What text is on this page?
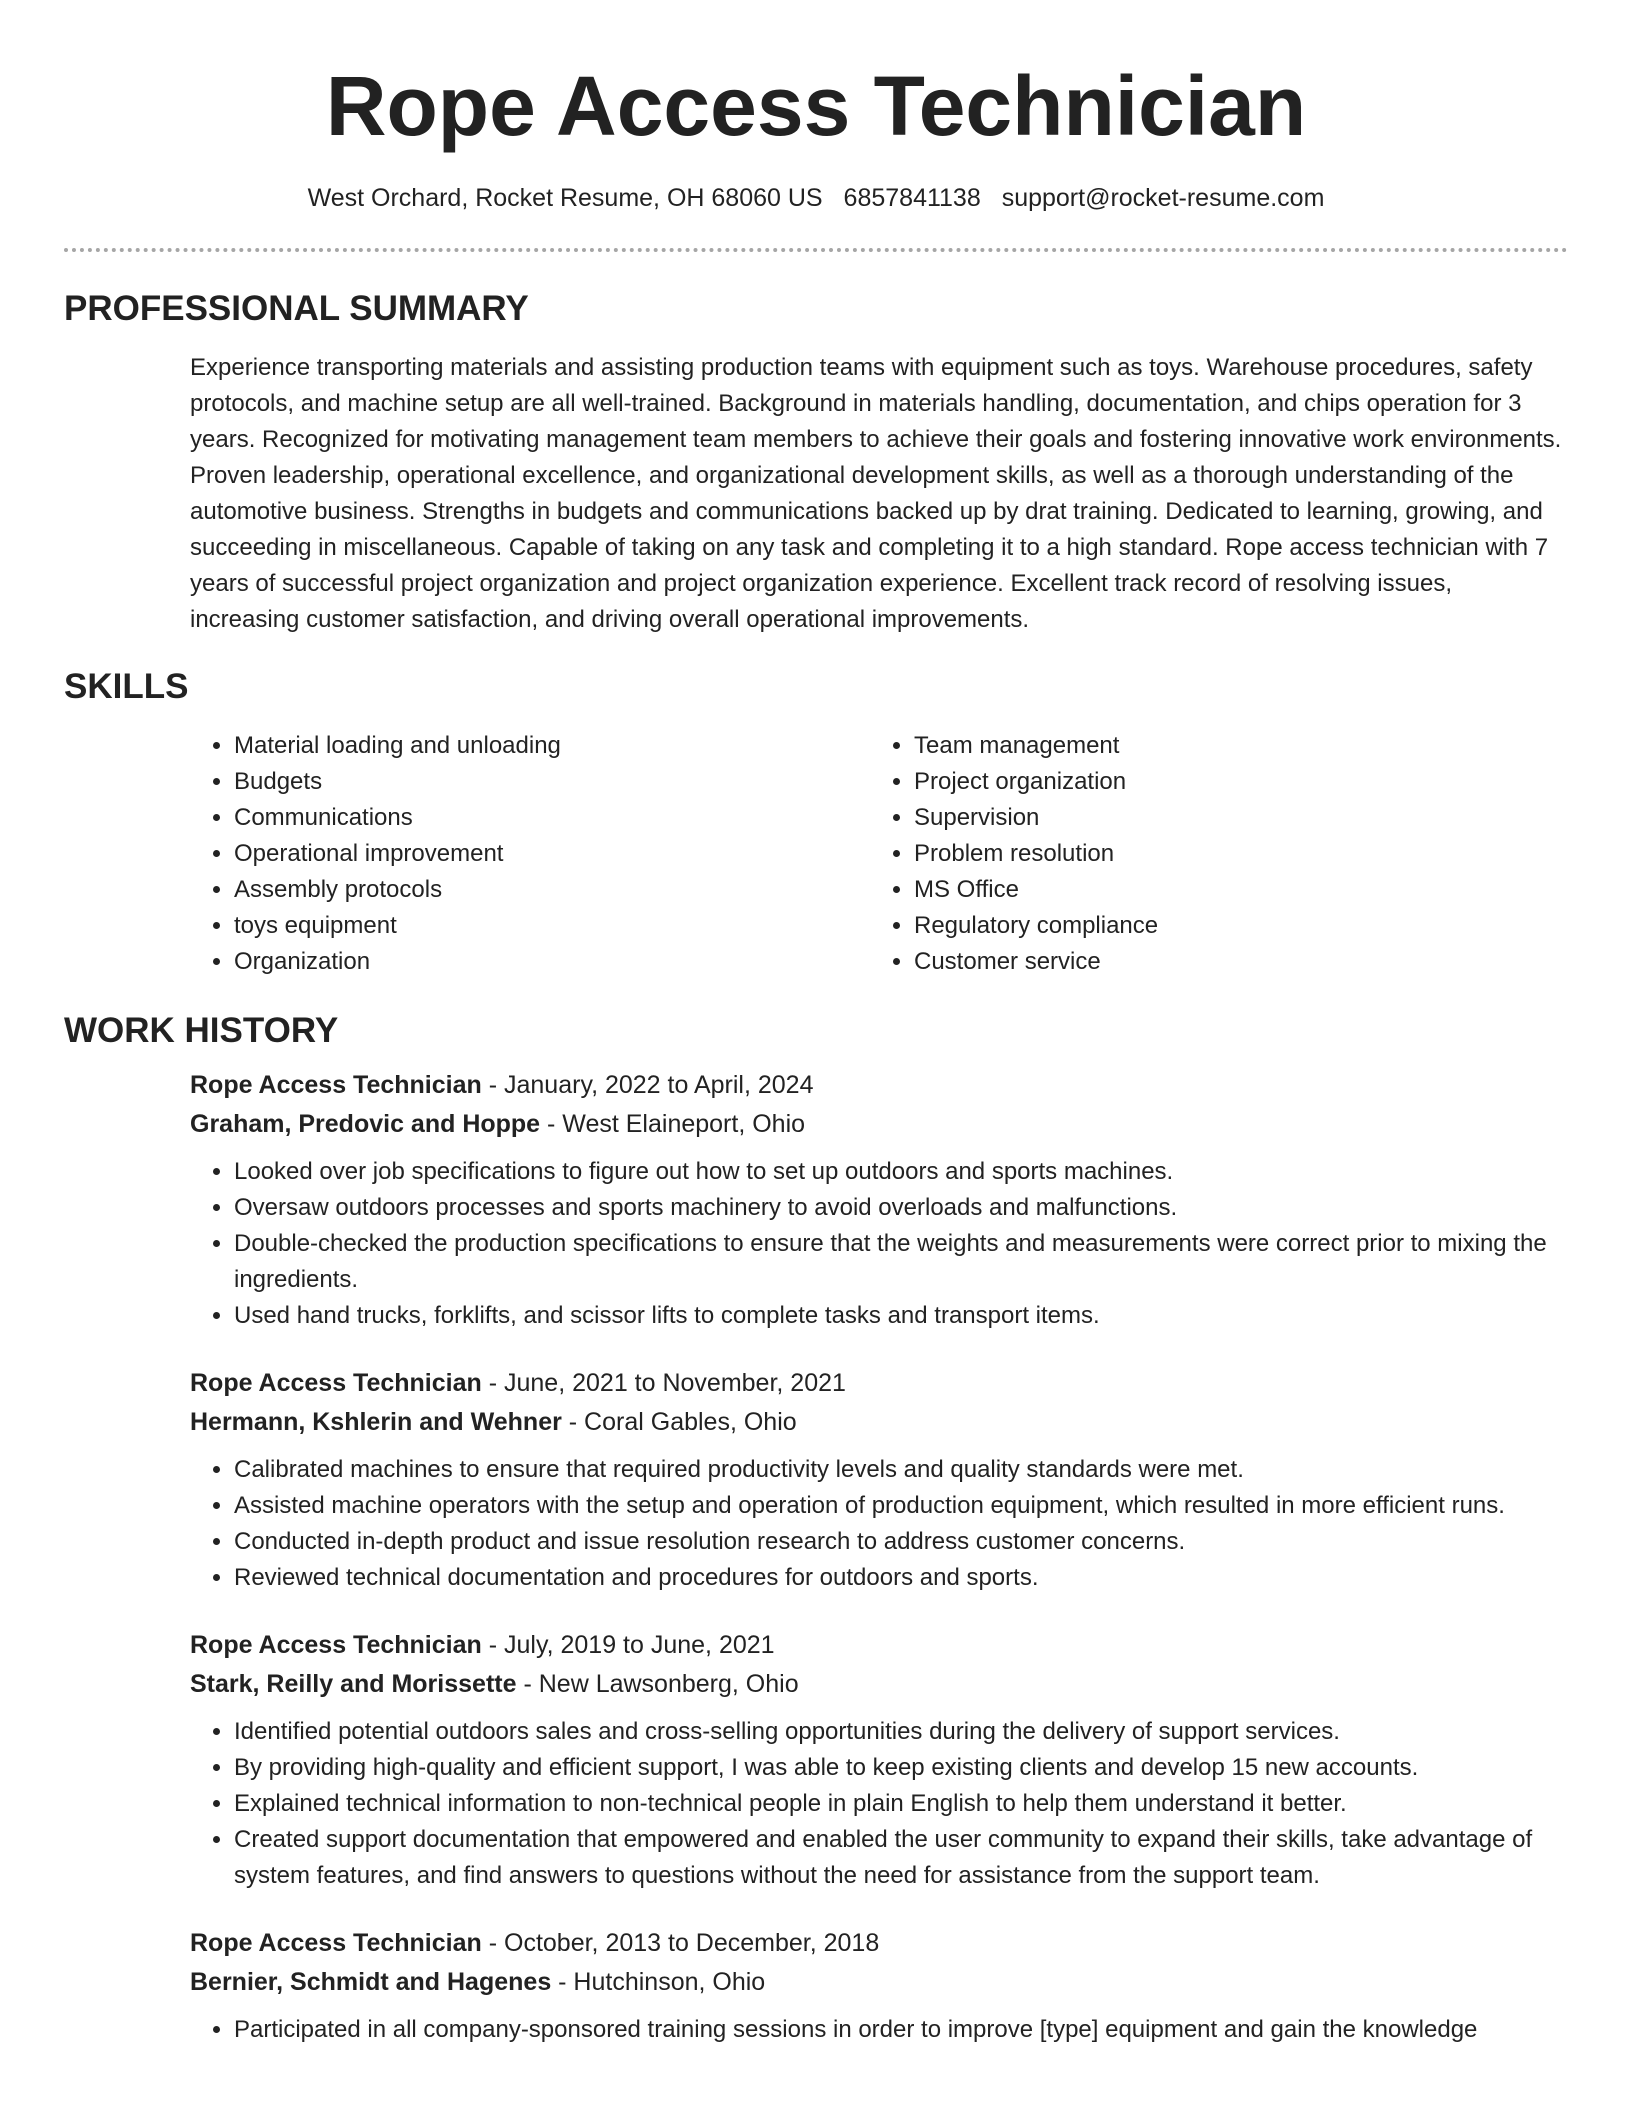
Rope Access Technician
West Orchard, Rocket Resume, OH 68060 US 6857841138 support@rocket-resume.com
PROFESSIONAL SUMMARY
Experience transporting materials and assisting production teams with equipment such as toys. Warehouse procedures, safety protocols, and machine setup are all well-trained. Background in materials handling, documentation, and chips operation for 3 years. Recognized for motivating management team members to achieve their goals and fostering innovative work environments. Proven leadership, operational excellence, and organizational development skills, as well as a thorough understanding of the automotive business. Strengths in budgets and communications backed up by drat training. Dedicated to learning, growing, and succeeding in miscellaneous. Capable of taking on any task and completing it to a high standard. Rope access technician with 7 years of successful project organization and project organization experience. Excellent track record of resolving issues, increasing customer satisfaction, and driving overall operational improvements.
SKILLS
• Material loading and unloading
• Budgets
• Communications
• Operational improvement
• Assembly protocols
• toys equipment
• Organization
• Team management
• Project organization
• Supervision
• Problem resolution
• MS Office
• Regulatory compliance
• Customer service
WORK HISTORY
Rope Access Technician - January, 2022 to April, 2024
Graham, Predovic and Hoppe - West Elaineport, Ohio
• Looked over job specifications to figure out how to set up outdoors and sports machines.
• Oversaw outdoors processes and sports machinery to avoid overloads and malfunctions.
• Double-checked the production specifications to ensure that the weights and measurements were correct prior to mixing the ingredients.
• Used hand trucks, forklifts, and scissor lifts to complete tasks and transport items.
Rope Access Technician - June, 2021 to November, 2021
Hermann, Kshlerin and Wehner - Coral Gables, Ohio
• Calibrated machines to ensure that required productivity levels and quality standards were met.
• Assisted machine operators with the setup and operation of production equipment, which resulted in more efficient runs.
• Conducted in-depth product and issue resolution research to address customer concerns.
• Reviewed technical documentation and procedures for outdoors and sports.
Rope Access Technician - July, 2019 to June, 2021
Stark, Reilly and Morissette - New Lawsonberg, Ohio
• Identified potential outdoors sales and cross-selling opportunities during the delivery of support services.
• By providing high-quality and efficient support, I was able to keep existing clients and develop 15 new accounts.
• Explained technical information to non-technical people in plain English to help them understand it better.
• Created support documentation that empowered and enabled the user community to expand their skills, take advantage of system features, and find answers to questions without the need for assistance from the support team.
Rope Access Technician - October, 2013 to December, 2018
Bernier, Schmidt and Hagenes - Hutchinson, Ohio
• Participated in all company-sponsored training sessions in order to improve [type] equipment and gain the knowledge
